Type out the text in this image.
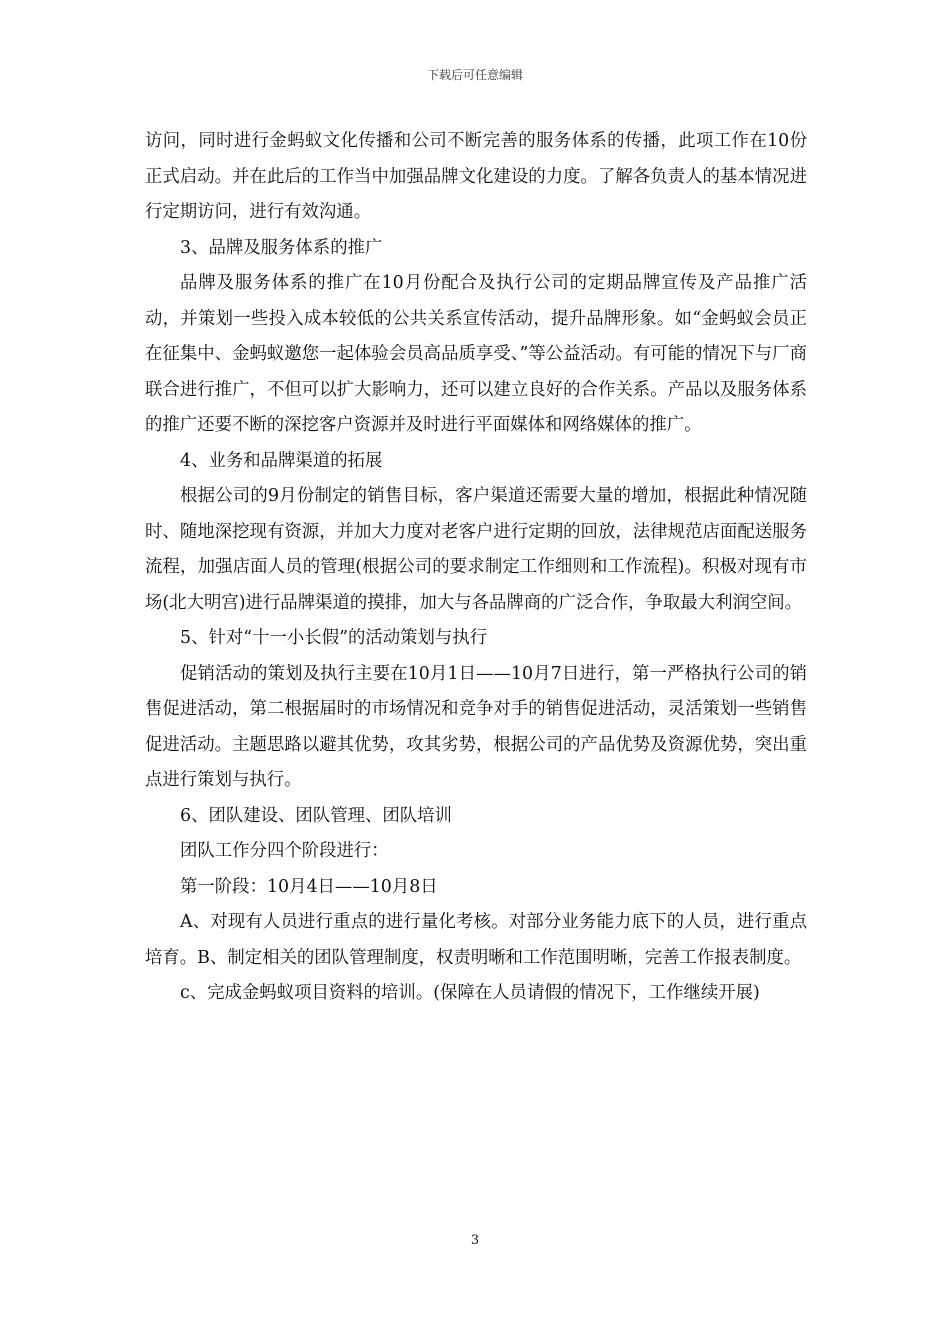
下载后可任意编辑

访问，同时进行金蚂蚁文化传播和公司不断完善的服务体系的传播，此项工作在10份正式启动。并在此后的工作当中加强品牌文化建设的力度。了解各负责人的基本情况进行定期访问，进行有效沟通。

3、品牌及服务体系的推广

品牌及服务体系的推广在10月份配合及执行公司的定期品牌宣传及产品推广活动，并策划一些投入成本较低的公共关系宣传活动，提升品牌形象。如“金蚂蚁会员正在征集中、金蚂蚁邀您一起体验会员高品质享受、”等公益活动。有可能的情况下与厂商联合进行推广，不但可以扩大影响力，还可以建立良好的合作关系。产品以及服务体系的推广还要不断的深挖客户资源并及时进行平面媒体和网络媒体的推广。

4、业务和品牌渠道的拓展

根据公司的9月份制定的销售目标，客户渠道还需要大量的增加，根据此种情况随时、随地深挖现有资源，并加大力度对老客户进行定期的回放，法律规范店面配送服务流程，加强店面人员的管理(根据公司的要求制定工作细则和工作流程)。积极对现有市场(北大明宫)进行品牌渠道的摸排，加大与各品牌商的广泛合作，争取最大利润空间。

5、针对“十一小长假”的活动策划与执行

促销活动的策划及执行主要在10月1日——10月7日进行，第一严格执行公司的销售促进活动，第二根据届时的市场情况和竞争对手的销售促进活动，灵活策划一些销售促进活动。主题思路以避其优势，攻其劣势，根据公司的产品优势及资源优势，突出重点进行策划与执行。

6、团队建设、团队管理、团队培训

团队工作分四个阶段进行：

第一阶段：10月4日——10月8日

A、对现有人员进行重点的进行量化考核。对部分业务能力底下的人员，进行重点培育。B、制定相关的团队管理制度，权责明晰和工作范围明晰，完善工作报表制度。

c、完成金蚂蚁项目资料的培训。(保障在人员请假的情况下，工作继续开展)

3
